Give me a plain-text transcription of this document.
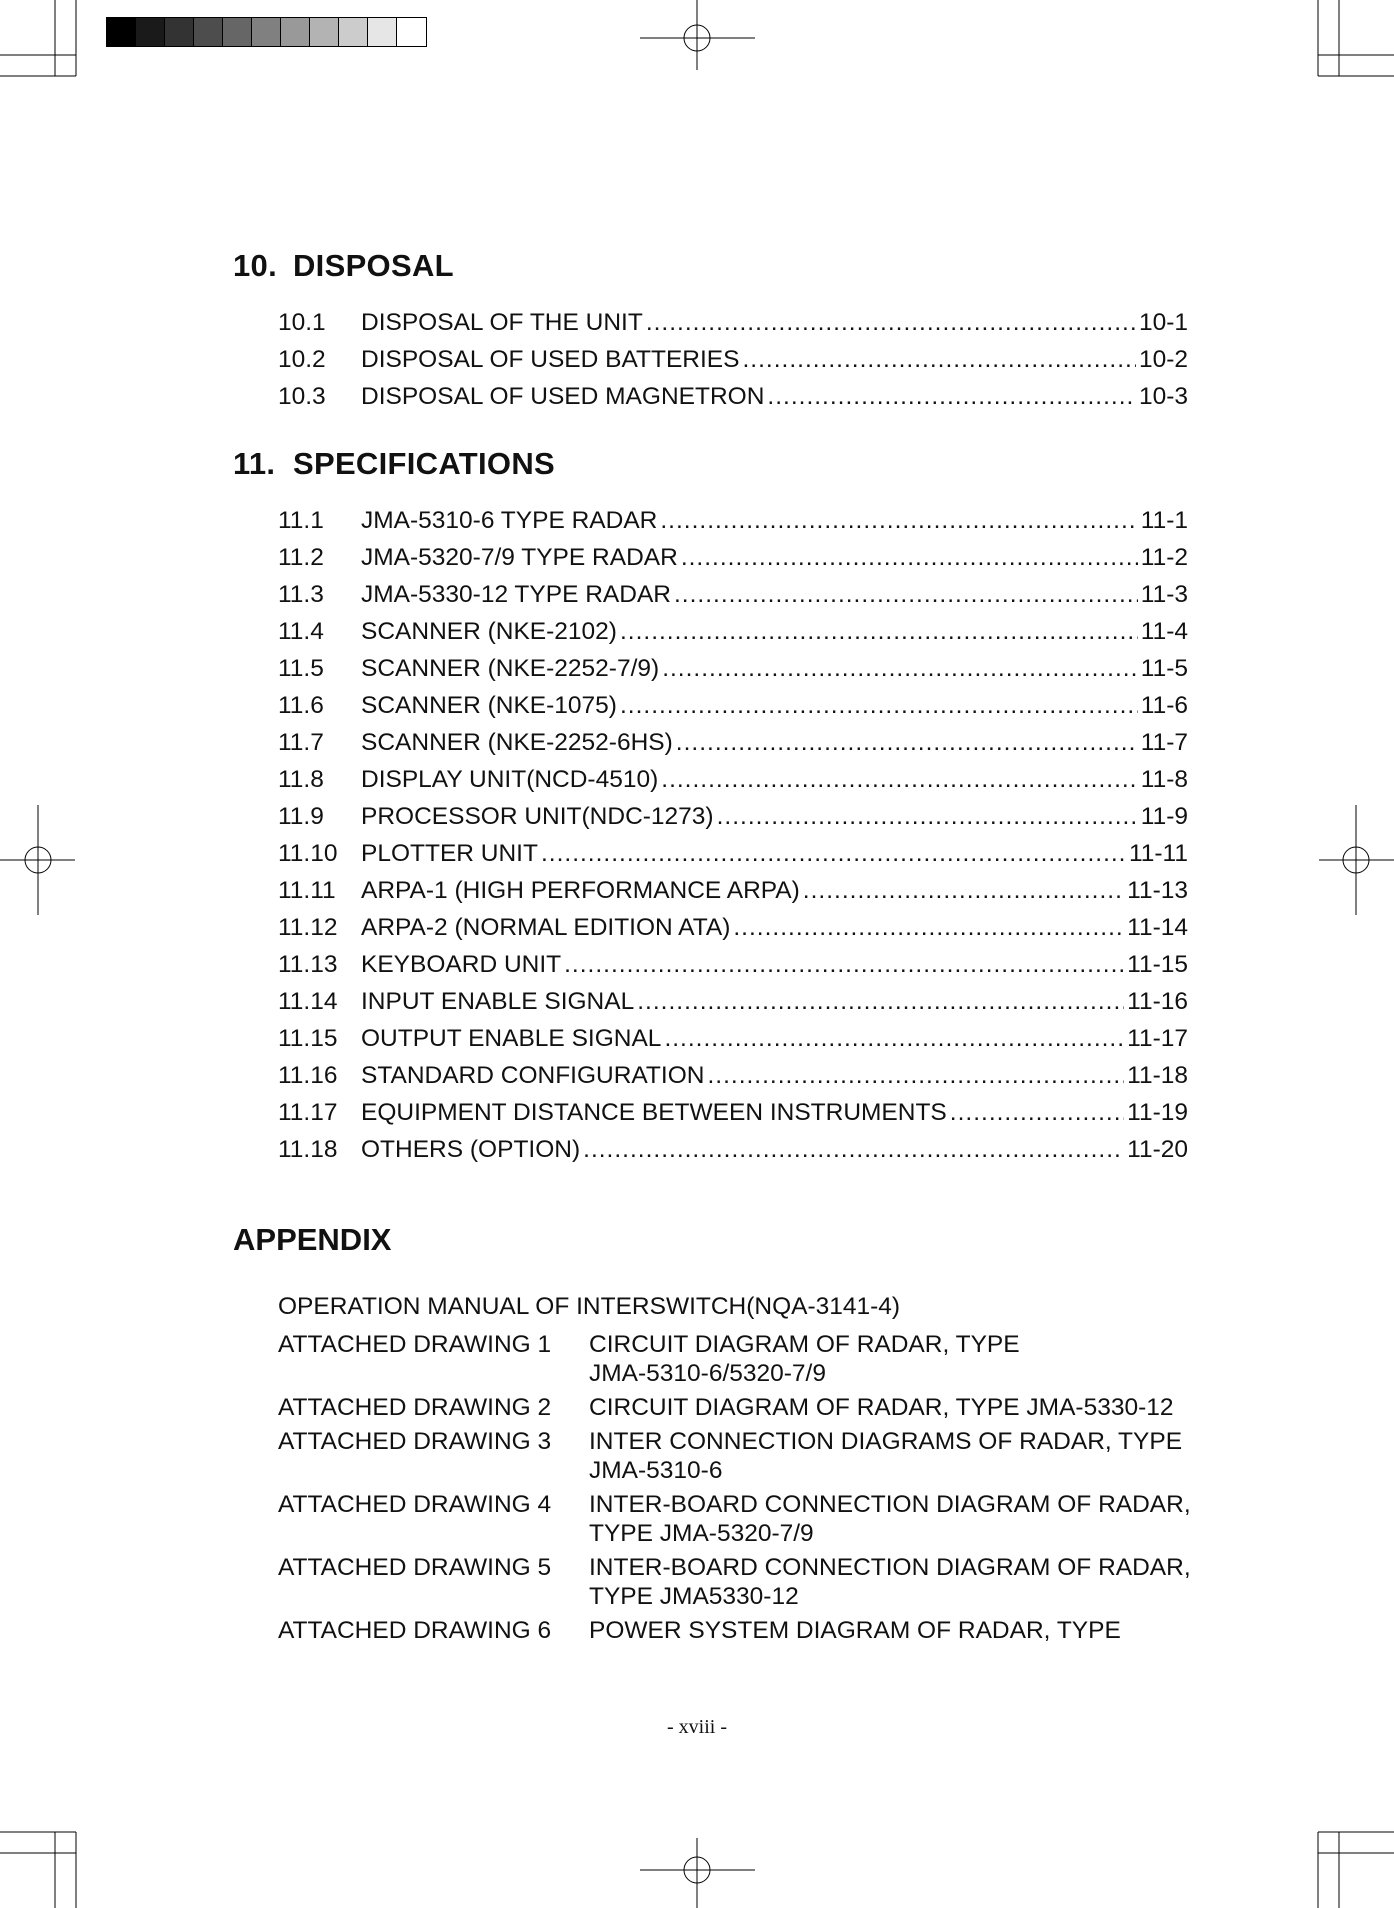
10. DISPOSAL
10.1	DISPOSAL OF THE UNIT .....	10-1
10.2	DISPOSAL OF USED BATTERIES .....	10-2
10.3	DISPOSAL OF USED MAGNETRON .....	10-3
11. SPECIFICATIONS
11.1	JMA-5310-6 TYPE RADAR .....	11-1
11.2	JMA-5320-7/9 TYPE RADAR .....	11-2
11.3	JMA-5330-12 TYPE RADAR .....	11-3
11.4	SCANNER (NKE-2102) .....	11-4
11.5	SCANNER (NKE-2252-7/9) .....	11-5
11.6	SCANNER (NKE-1075) .....	11-6
11.7	SCANNER (NKE-2252-6HS) .....	11-7
11.8	DISPLAY UNIT(NCD-4510) .....	11-8
11.9	PROCESSOR UNIT(NDC-1273) .....	11-9
11.10 PLOTTER UNIT .....	11-11
11.11	ARPA-1 (HIGH PERFORMANCE ARPA) .....	11-13
11.12 ARPA-2 (NORMAL EDITION ATA) .....	11-14
11.13 KEYBOARD UNIT .....	11-15
11.14 INPUT ENABLE SIGNAL .....	11-16
11.15 OUTPUT ENABLE SIGNAL .....	11-17
11.16 STANDARD CONFIGURATION .....	11-18
11.17 EQUIPMENT DISTANCE BETWEEN INSTRUMENTS .....	11-19
11.18 OTHERS (OPTION) .....	11-20
APPENDIX
OPERATION MANUAL OF INTERSWITCH(NQA-3141-4)
ATTACHED DRAWING 1	CIRCUIT DIAGRAM OF RADAR, TYPE
JMA-5310-6/5320-7/9
ATTACHED DRAWING 2	CIRCUIT DIAGRAM OF RADAR, TYPE JMA-5330-12
ATTACHED DRAWING 3	INTER CONNECTION DIAGRAMS OF RADAR, TYPE
JMA-5310-6
ATTACHED DRAWING 4	INTER-BOARD CONNECTION DIAGRAM OF RADAR,
TYPE JMA-5320-7/9
ATTACHED DRAWING 5	INTER-BOARD CONNECTION DIAGRAM OF RADAR,
TYPE JMA5330-12
ATTACHED DRAWING 6	POWER SYSTEM DIAGRAM OF RADAR, TYPE
- xviii -
